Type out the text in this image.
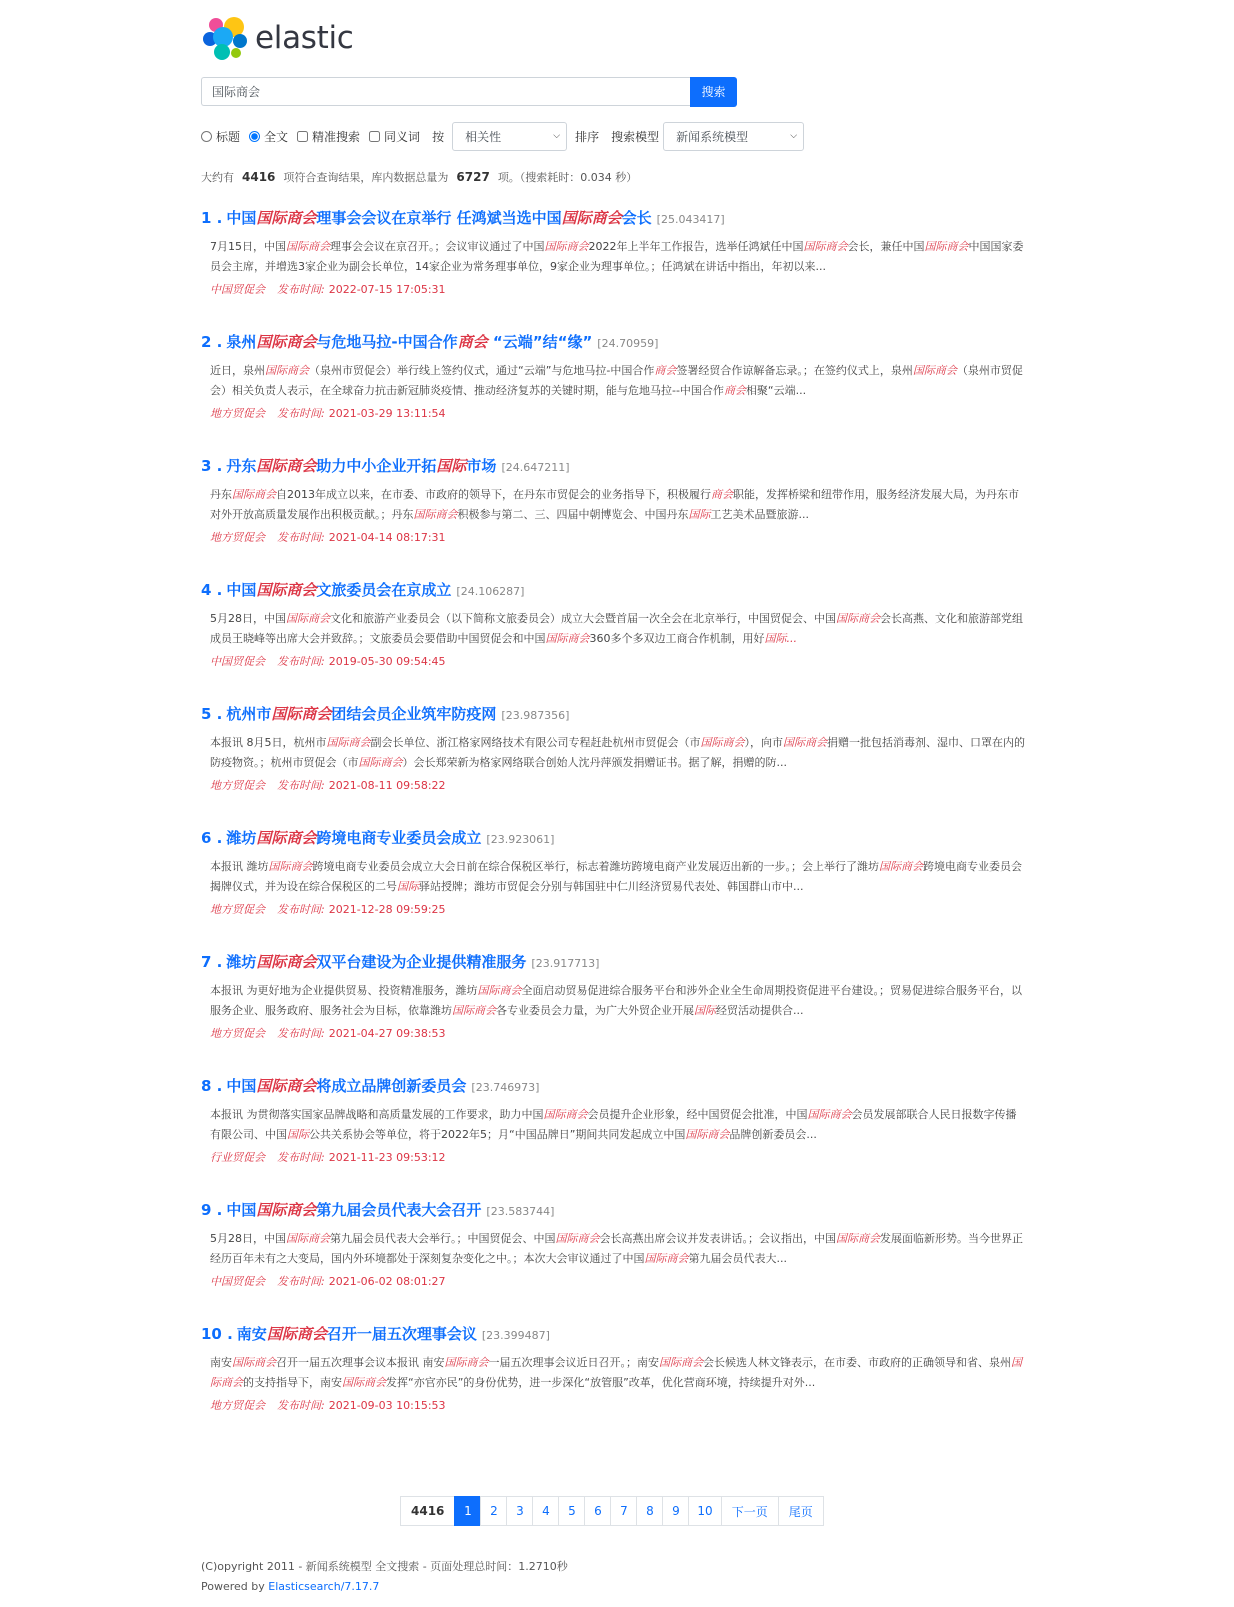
elastic
国际商会
搜索
标题 全文 精准搜索 同义词 按 相关性	⌵ 排序 搜索模型 新闻系统模型	⌵
大约有 4416 项符合查询结果，库内数据总量为 6727 项。（搜索耗时：0.034 秒）
1 . 中国国际商会理事会会议在京举行 任鸿斌当选中国国际商会会长 [25.043417]
7月15日，中国国际商会理事会会议在京召开。；会议审议通过了中国国际商会2022年上半年工作报告，选举任鸿斌任中国国际商会会长，兼任中国国际商会中国国家委员会主席，并增选3家企业为副会长单位，14家企业为常务理事单位，9家企业为理事单位。；任鸿斌在讲话中指出，年初以来...
中国贸促会 发布时间: 2022-07-15 17:05:31
2 . 泉州国际商会与危地马拉-中国合作商会 “云端”结“缘” [24.70959]
近日，泉州国际商会（泉州市贸促会）举行线上签约仪式，通过“云端”与危地马拉-中国合作商会签署经贸合作谅解备忘录。；在签约仪式上，泉州国际商会（泉州市贸促会）相关负责人表示，在全球奋力抗击新冠肺炎疫情、推动经济复苏的关键时期，能与危地马拉--中国合作商会相聚“云端...
地方贸促会 发布时间: 2021-03-29 13:11:54
3 . 丹东国际商会助力中小企业开拓国际市场 [24.647211]
丹东国际商会自2013年成立以来，在市委、市政府的领导下，在丹东市贸促会的业务指导下，积极履行商会职能，发挥桥梁和纽带作用，服务经济发展大局，为丹东市对外开放高质量发展作出积极贡献。；丹东国际商会积极参与第二、三、四届中朝博览会、中国丹东国际工艺美术品暨旅游...
地方贸促会 发布时间: 2021-04-14 08:17:31
4 . 中国国际商会文旅委员会在京成立 [24.106287]
5月28日，中国国际商会文化和旅游产业委员会（以下简称文旅委员会）成立大会暨首届一次全会在北京举行，中国贸促会、中国国际商会会长高燕、文化和旅游部党组成员王晓峰等出席大会并致辞。；文旅委员会要借助中国贸促会和中国国际商会360多个多双边工商合作机制，用好国际...
中国贸促会 发布时间: 2019-05-30 09:54:45
5 . 杭州市国际商会团结会员企业筑牢防疫网 [23.987356]
本报讯 8月5日，杭州市国际商会副会长单位、浙江格家网络技术有限公司专程赶赴杭州市贸促会（市国际商会），向市国际商会捐赠一批包括消毒剂、湿巾、口罩在内的防疫物资。；杭州市贸促会（市国际商会）会长郑荣新为格家网络联合创始人沈丹萍颁发捐赠证书。据了解，捐赠的防...
地方贸促会 发布时间: 2021-08-11 09:58:22
6 . 潍坊国际商会跨境电商专业委员会成立 [23.923061]
本报讯 潍坊国际商会跨境电商专业委员会成立大会日前在综合保税区举行，标志着潍坊跨境电商产业发展迈出新的一步。；会上举行了潍坊国际商会跨境电商专业委员会揭牌仪式，并为设在综合保税区的二号国际驿站授牌；潍坊市贸促会分别与韩国驻中仁川经济贸易代表处、韩国群山市中...
地方贸促会 发布时间: 2021-12-28 09:59:25
7 . 潍坊国际商会双平台建设为企业提供精准服务 [23.917713]
本报讯 为更好地为企业提供贸易、投资精准服务，潍坊国际商会全面启动贸易促进综合服务平台和涉外企业全生命周期投资促进平台建设。；贸易促进综合服务平台，以服务企业、服务政府、服务社会为目标，依靠潍坊国际商会各专业委员会力量，为广大外贸企业开展国际经贸活动提供合...
地方贸促会 发布时间: 2021-04-27 09:38:53
8 . 中国国际商会将成立品牌创新委员会 [23.746973]
本报讯 为贯彻落实国家品牌战略和高质量发展的工作要求，助力中国国际商会会员提升企业形象，经中国贸促会批准，中国国际商会会员发展部联合人民日报数字传播有限公司、中国国际公共关系协会等单位，将于2022年5；月“中国品牌日”期间共同发起成立中国国际商会品牌创新委员会...
行业贸促会 发布时间: 2021-11-23 09:53:12
9 . 中国国际商会第九届会员代表大会召开 [23.583744]
5月28日，中国国际商会第九届会员代表大会举行。；中国贸促会、中国国际商会会长高燕出席会议并发表讲话。；会议指出，中国国际商会发展面临新形势。当今世界正经历百年未有之大变局，国内外环境都处于深刻复杂变化之中。；本次大会审议通过了中国国际商会第九届会员代表大...
中国贸促会 发布时间: 2021-06-02 08:01:27
10 . 南安国际商会召开一届五次理事会议 [23.399487]
南安国际商会召开一届五次理事会议本报讯 南安国际商会一届五次理事会议近日召开。；南安国际商会会长候选人林文锋表示，在市委、市政府的正确领导和省、泉州国际商会的支持指导下，南安国际商会发挥“亦官亦民”的身份优势，进一步深化“放管服”改革，优化营商环境，持续提升对外...
地方贸促会 发布时间: 2021-09-03 10:15:53
4416	1	2	3	4	5	6	7	8	9	10	下一页	尾页
(C)opyright 2011 - 新闻系统模型 全文搜索 - 页面处理总时间：1.2710秒
Powered by Elasticsearch/7.17.7
